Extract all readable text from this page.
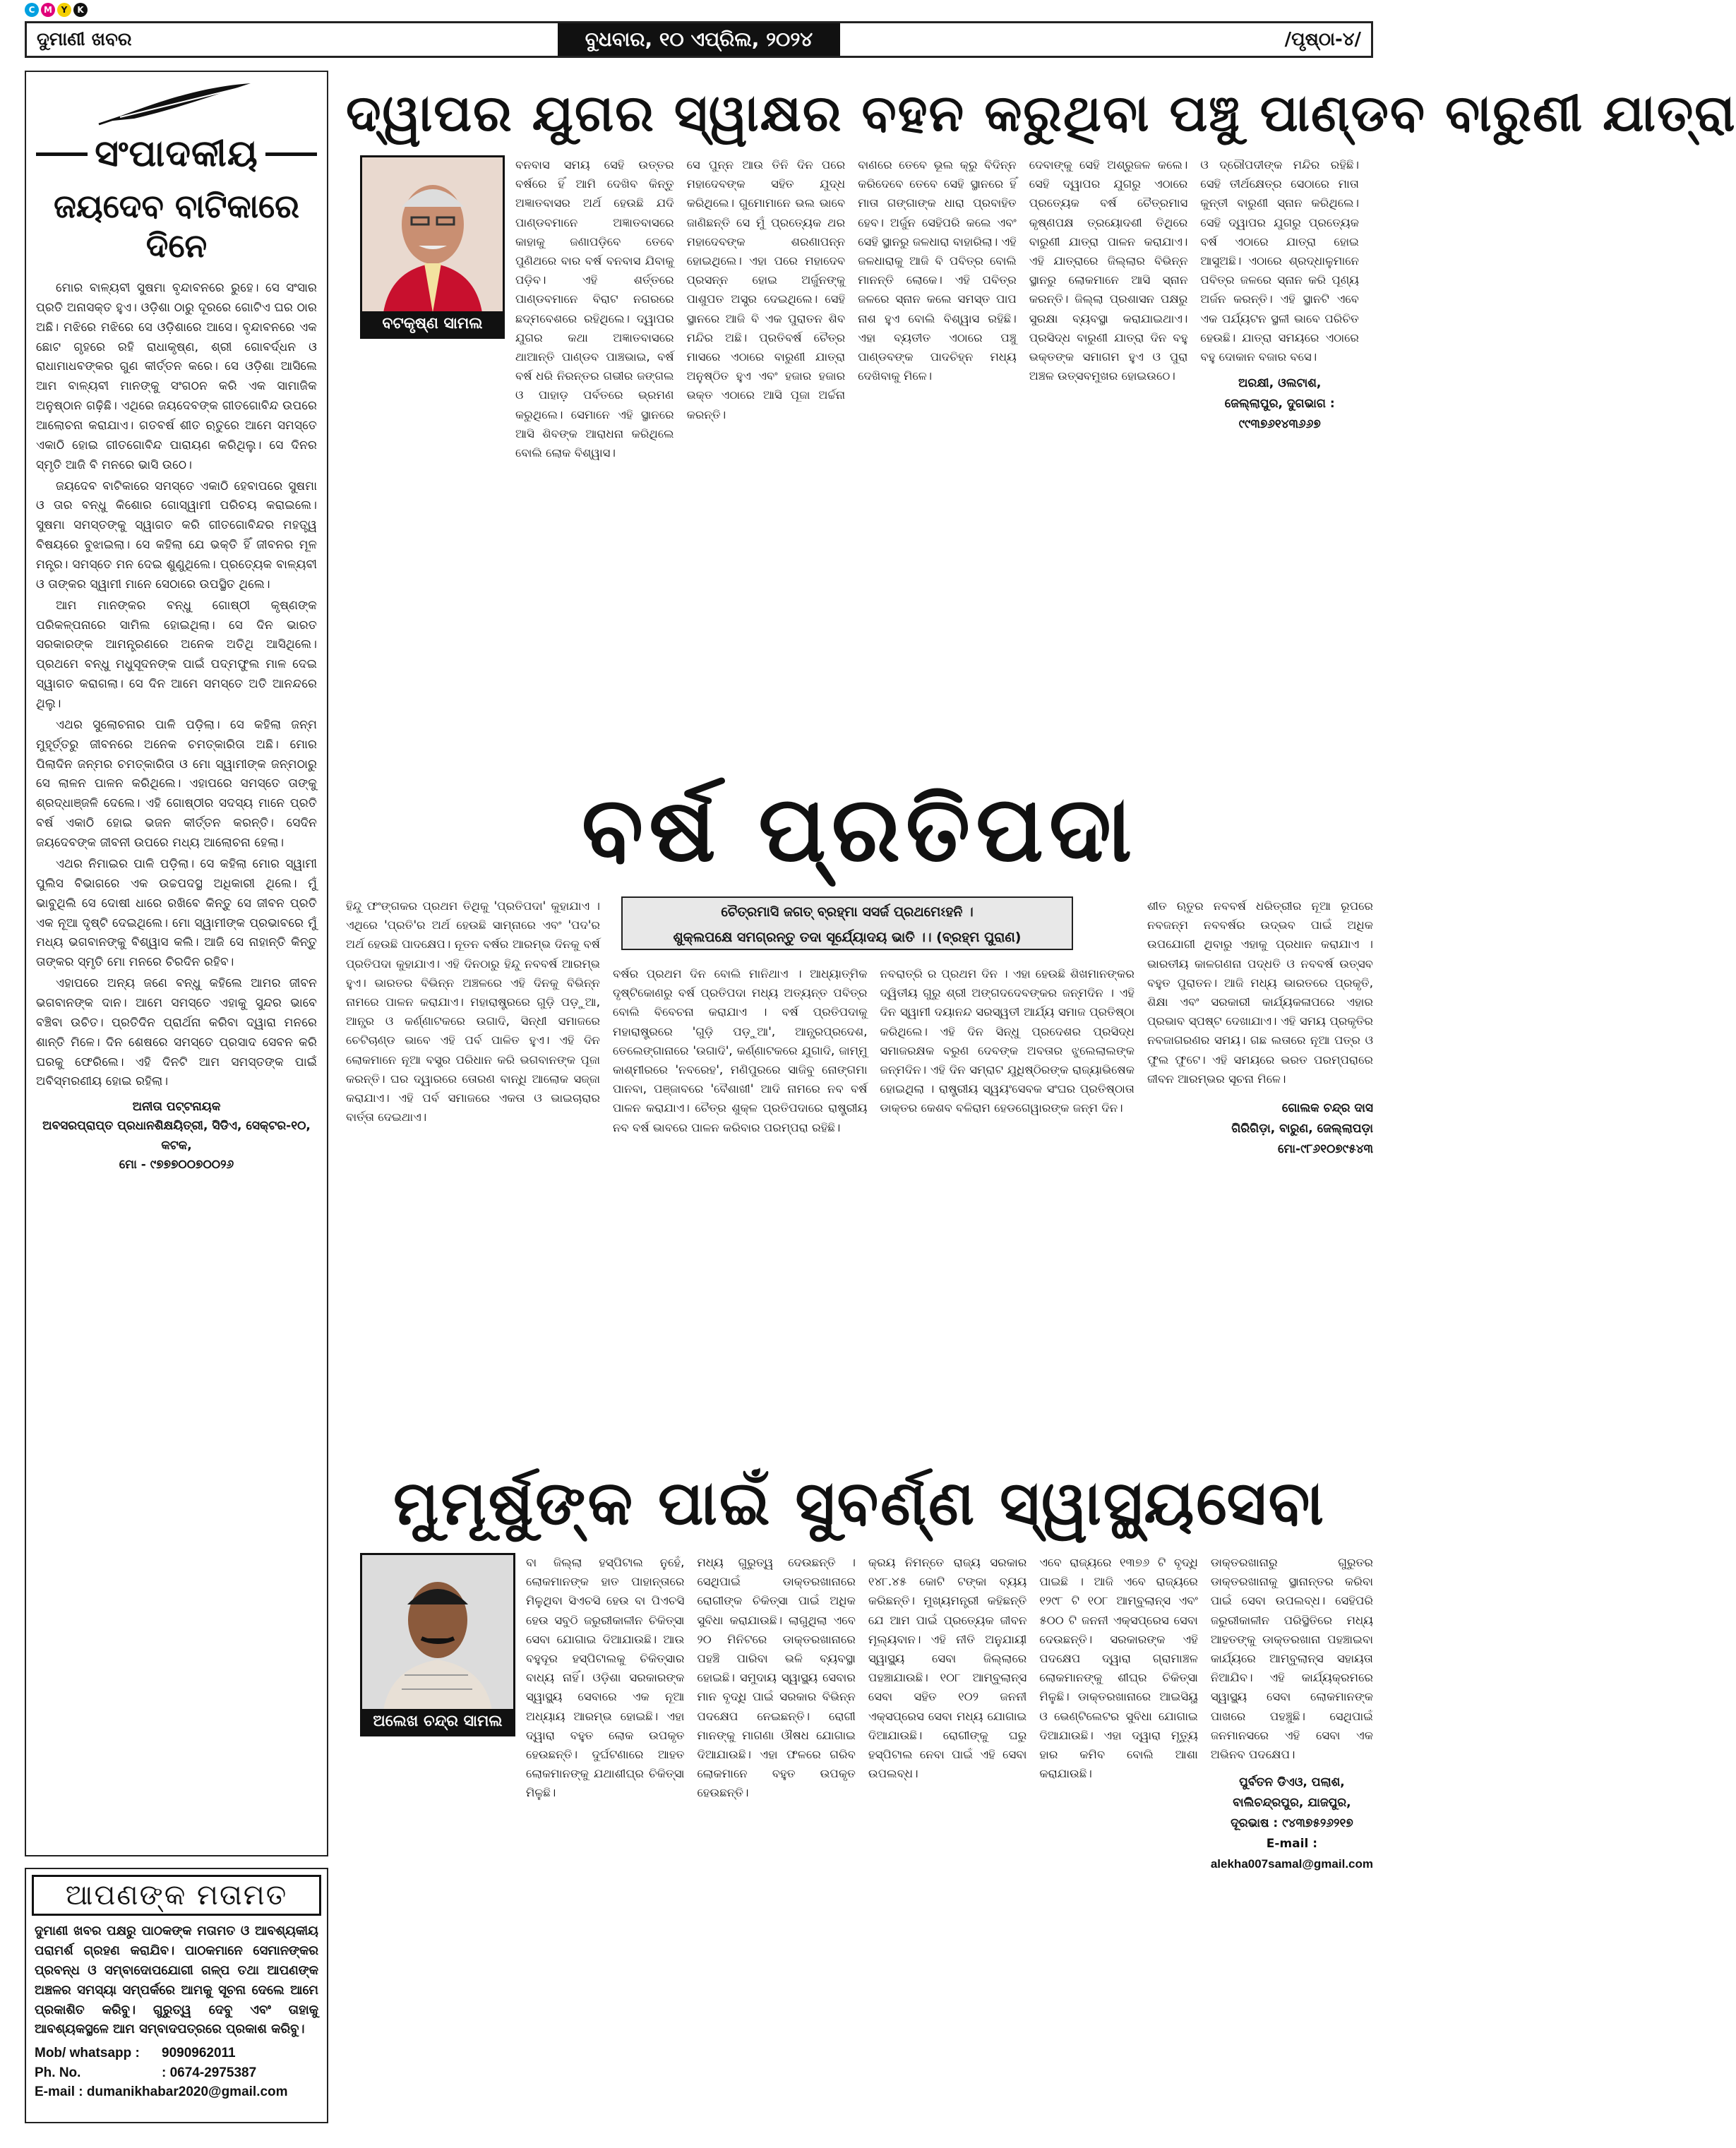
C	M	Y	K
ଦୁମାଣୀ ଖବର	ବୁଧବାର, ୧୦ ଏପ୍ରିଲ, ୨୦୨୪	/ପୃଷ୍ଠା-୪/
ସଂପାଦକୀୟ
ଜୟଦେବ ବାଟିକାରେ ଦିନେ

ମୋର ବାଳ୍ୟବୀ ସୁଷମା ବୃନ୍ଦାବନରେ ରୁହେ। ସେ ସଂସାର ପ୍ରତି ଅନାସକ୍ତ ହୁଏ। ଓଡ଼ିଶା ଠାରୁ ଦୂରରେ ଗୋଟିଏ ଘର ଠାର ଅଛି। ମଝିରେ ମଝିରେ ସେ ଓଡ଼ିଶାରେ ଆସେ। ବୃନ୍ଦାବନରେ ଏକ ଛୋଟ ଗୃହରେ ରହି ରାଧାକୃଷ୍ଣ, ଶ୍ରୀ ଗୋବର୍ଦ୍ଧନ ଓ ରାଧାମାଧବଙ୍କର ଗୁଣ କୀର୍ତ୍ତନ କରେ। ସେ ଓଡ଼ିଶା ଆସିଲେ ଆମ ବାଳ୍ୟବୀ ମାନଙ୍କୁ ସଂଗଠନ କରି ଏକ ସାମାଜିକ ଅନୁଷ୍ଠାନ ଗଢ଼ିଛି। ଏଥିରେ ଜୟଦେବଙ୍କ ଗୀତଗୋବିନ୍ଦ ଉପରେ ଆଲୋଚନା କରାଯାଏ। ଗତବର୍ଷ ଶୀତ ଋତୁରେ ଆମେ ସମସ୍ତେ ଏକାଠି ହୋଇ ଗୀତଗୋବିନ୍ଦ ପାରାୟଣ କରିଥିଲୁ। ସେ ଦିନର ସ୍ମୃତି ଆଜି ବି ମନରେ ଭାସି ଉଠେ।

ଜୟଦେବ ବାଟିକାରେ ସମସ୍ତେ ଏକାଠି ହେବାପରେ ସୁଷମା ଓ ତାର ବନ୍ଧୁ କିଶୋର ଗୋସ୍ୱାମୀ ପରିଚୟ କରାଇଲେ। ସୁଷମା ସମସ୍ତଙ୍କୁ ସ୍ୱାଗତ କରି ଗୀତଗୋବିନ୍ଦର ମହତ୍ତ୍ୱ ବିଷୟରେ ବୁଝାଇଲା। ସେ କହିଲା ଯେ ଭକ୍ତି ହିଁ ଜୀବନର ମୂଳ ମନ୍ତ୍ର। ସମସ୍ତେ ମନ ଦେଇ ଶୁଣୁଥିଲେ। ପ୍ରତ୍ୟେକ ବାଳ୍ୟବୀ ଓ ତାଙ୍କର ସ୍ୱାମୀ ମାନେ ସେଠାରେ ଉପସ୍ଥିତ ଥିଲେ।

ଆମ ମାନଙ୍କର ବନ୍ଧୁ ଗୋଷ୍ଠୀ କୃଷ୍ଣଙ୍କ ପରିକଳ୍ପନାରେ ସାମିଲ ହୋଇଥିଲା। ସେ ଦିନ ଭାରତ ସରକାରଙ୍କ ଆମନ୍ତ୍ରଣରେ ଅନେକ ଅତିଥି ଆସିଥିଲେ। ପ୍ରଥମେ ବନ୍ଧୁ ମଧୁସୂଦନଙ୍କ ପାଇଁ ପଦ୍ମଫୁଲ ମାଳ ଦେଇ ସ୍ୱାଗତ କରାଗଲା। ସେ ଦିନ ଆମେ ସମସ୍ତେ ଅତି ଆନନ୍ଦରେ ଥିଲୁ।

ଏଥର ସୁଲୋଚନାର ପାଳି ପଡ଼ିଲା। ସେ କହିଲା ଜନ୍ମ ମୁହୂର୍ତ୍ତରୁ ଜୀବନରେ ଅନେକ ଚମତ୍କାରିତା ଅଛି। ମୋର ପିଲାଦିନ ଜନ୍ମର ଚମତ୍କାରିତା ଓ ମୋ ସ୍ୱାମୀଙ୍କ ଜନ୍ମଠାରୁ ସେ ଲାଳନ ପାଳନ କରିଥିଲେ। ଏହାପରେ ସମସ୍ତେ ତାଙ୍କୁ ଶ୍ରଦ୍ଧାଞ୍ଜଳି ଦେଲେ। ଏହି ଗୋଷ୍ଠୀର ସଦସ୍ୟ ମାନେ ପ୍ରତି ବର୍ଷ ଏକାଠି ହୋଇ ଭଜନ କୀର୍ତ୍ତନ କରନ୍ତି। ସେଦିନ ଜୟଦେବଙ୍କ ଜୀବନୀ ଉପରେ ମଧ୍ୟ ଆଲୋଚନା ହେଲା।

ଏଥର ନିମାଇର ପାଳି ପଡ଼ିଲା। ସେ କହିଲା ମୋର ସ୍ୱାମୀ ପୁଲିସ ବିଭାଗରେ ଏକ ଉଚ୍ଚପଦସ୍ଥ ଅଧିକାରୀ ଥିଲେ। ମୁଁ ଭାବୁଥିଲି ସେ ଦୋଷୀ ଧାରେ ରଖିବେ କିନ୍ତୁ ସେ ଜୀବନ ପ୍ରତି ଏକ ନୂଆ ଦୃଷ୍ଟି ଦେଇଥିଲେ। ମୋ ସ୍ୱାମୀଙ୍କ ପ୍ରଭାବରେ ମୁଁ ମଧ୍ୟ ଭଗବାନଙ୍କୁ ବିଶ୍ୱାସ କଲି। ଆଜି ସେ ନାହାନ୍ତି କିନ୍ତୁ ତାଙ୍କର ସ୍ମୃତି ମୋ ମନରେ ଚିରଦିନ ରହିବ।

ଏହାପରେ ଅନ୍ୟ ଜଣେ ବନ୍ଧୁ କହିଲେ ଆମର ଜୀବନ ଭଗବାନଙ୍କ ଦାନ। ଆମେ ସମସ୍ତେ ଏହାକୁ ସୁନ୍ଦର ଭାବେ ବଞ୍ଚିବା ଉଚିତ। ପ୍ରତିଦିନ ପ୍ରାର୍ଥନା କରିବା ଦ୍ୱାରା ମନରେ ଶାନ୍ତି ମିଳେ। ଦିନ ଶେଷରେ ସମସ୍ତେ ପ୍ରସାଦ ସେବନ କରି ଘରକୁ ଫେରିଲେ। ଏହି ଦିନଟି ଆମ ସମସ୍ତଙ୍କ ପାଇଁ ଅବିସ୍ମରଣୀୟ ହୋଇ ରହିଲା।

ଅନୀତା ପଟ୍ଟନାୟକ
ଅବସରପ୍ରାପ୍ତ ପ୍ରଧାନଶିକ୍ଷୟିତ୍ରୀ, ସିଡିଏ, ସେକ୍ଟର-୧୦, କଟକ,
ମୋ - ୯୭୭୭୦୦୭୦୦୨୬
ଆପଣଙ୍କ ମତାମତ
ଦୁମାଣୀ ଖବର ପକ୍ଷରୁ ପାଠକଙ୍କ ମତାମତ ଓ ଆବଶ୍ୟକୀୟ ପରାମର୍ଶ ଗ୍ରହଣ କରାଯିବ। ପାଠକମାନେ ସେମାନଙ୍କର ପ୍ରବନ୍ଧ ଓ ସମ୍ବାଦୋପଯୋଗୀ ଗଳ୍ପ ତଥା ଆପଣଙ୍କ ଅଞ୍ଚଳର ସମସ୍ୟା ସମ୍ପର୍କରେ ଆମକୁ ସୂଚନା ଦେଲେ ଆମେ ପ୍ରକାଶିତ କରିବୁ। ଗୁରୁତ୍ୱ ଦେବୁ ଏବଂ ତାହାକୁ ଆବଶ୍ୟକସ୍ଥଳେ ଆମ ସମ୍ବାଦପତ୍ରରେ ପ୍ରକାଶ କରିବୁ।
Mob/ whatsapp :	9090962011
Ph. No.	: 0674-2975387
E-mail :
dumanikhabar2020@gmail.com
ଦ୍ୱାପର ଯୁଗର ସ୍ୱାକ୍ଷର ବହନ କରୁଥିବା ପଞ୍ଚୁ ପାଣ୍ଡବ ବାରୁଣୀ ଯାତ୍ରା
ବଟକୃଷ୍ଣ ସାମଲ

ବନବାସ ସମୟ ସେହି ଉତ୍ତର ବର୍ଷରେ ହିଁ ଆମି ଦେଖିବ କିନ୍ତୁ ଅଜ୍ଞାତବାସର ଅର୍ଥ ହେଉଛି ଯଦି ପାଣ୍ଡବମାନେ ଅଜ୍ଞାତବାସରେ କାହାକୁ ଜଣାପଡ଼ିବେ ତେବେ ପୁଣିଥରେ ବାର ବର୍ଷ ବନବାସ ଯିବାକୁ ପଡ଼ିବ। ଏହି ଶର୍ତ୍ତରେ ପାଣ୍ଡବମାନେ ବିରାଟ ନଗରରେ ଛଦ୍ମବେଶରେ ରହିଥିଲେ। ଦ୍ୱାପର ଯୁଗର କଥା ଅଜ୍ଞାତବାସରେ ଥାଆନ୍ତି ପାଣ୍ଡବ ପାଞ୍ଚଭାଇ, ବର୍ଷ ବର୍ଷ ଧରି ନିରନ୍ତର ଗଭୀର ଜଙ୍ଗଲ ଓ ପାହାଡ଼ ପର୍ବତରେ ଭ୍ରମଣ କରୁଥିଲେ। ସେମାନେ ଏହି ସ୍ଥାନରେ ଆସି ଶିବଙ୍କ ଆରାଧନା କରିଥିଲେ ବୋଲି ଲୋକ ବିଶ୍ୱାସ।

ସେ ପୁନ୍ନ ଆଉ ତିନି ଦିନ ପରେ ମହାଦେବଙ୍କ ସହିତ ଯୁଦ୍ଧ କରିଥିଲେ। ଗୁମୋମାନେ ଭଲ ଭାବେ ଜାଣିଛନ୍ତି ସେ ମୁଁ ପ୍ରତ୍ୟେକ ଥର ମହାଦେବଙ୍କ ଶରଣାପନ୍ନ ହୋଇଥିଲେ। ଏହା ପରେ ମହାଦେବ ପ୍ରସନ୍ନ ହୋଇ ଅର୍ଜୁନଙ୍କୁ ପାଶୁପତ ଅସ୍ତ୍ର ଦେଇଥିଲେ। ସେହି ସ୍ଥାନରେ ଆଜି ବି ଏକ ପୁରାତନ ଶିବ ମନ୍ଦିର ଅଛି। ପ୍ରତିବର୍ଷ ଚୈତ୍ର ମାସରେ ଏଠାରେ ବାରୁଣୀ ଯାତ୍ରା ଅନୁଷ୍ଠିତ ହୁଏ ଏବଂ ହଜାର ହଜାର ଭକ୍ତ ଏଠାରେ ଆସି ପୂଜା ଅର୍ଚ୍ଚନା କରନ୍ତି।

ବାଣରେ ତେବେ ଭୂଲ କ୍ରୁ ବିଦିନ୍ନ କରିଦେବେ ତେବେ ସେହି ସ୍ଥାନରେ ହିଁ ମାତା ଗଙ୍ଗାଙ୍କ ଧାରା ପ୍ରବାହିତ ହେବ। ଅର୍ଜୁନ ସେହିପରି କଲେ ଏବଂ ସେହି ସ୍ଥାନରୁ ଜଳଧାରା ବାହାରିଲା। ଏହି ଜଳଧାରାକୁ ଆଜି ବି ପବିତ୍ର ବୋଲି ମାନନ୍ତି ଲୋକେ। ଏହି ପବିତ୍ର ଜଳରେ ସ୍ନାନ କଲେ ସମସ୍ତ ପାପ ନାଶ ହୁଏ ବୋଲି ବିଶ୍ୱାସ ରହିଛି। ଏହା ବ୍ୟତୀତ ଏଠାରେ ପଞ୍ଚୁ ପାଣ୍ଡବଙ୍କ ପାଦଚିହ୍ନ ମଧ୍ୟ ଦେଖିବାକୁ ମିଳେ।

ଦେବାଙ୍କୁ ସେହି ଅଶ୍ରୁଜଳ କଲେ। ସେହି ଦ୍ୱାପର ଯୁଗରୁ ଏଠାରେ ପ୍ରତ୍ୟେକ ବର୍ଷ ଚୈତ୍ରମାସ କୃଷ୍ଣପକ୍ଷ ତ୍ରୟୋଦଶୀ ତିଥିରେ ବାରୁଣୀ ଯାତ୍ରା ପାଳନ କରାଯାଏ। ଏହି ଯାତ୍ରାରେ ଜିଲ୍ଲାର ବିଭିନ୍ନ ସ୍ଥାନରୁ ଲୋକମାନେ ଆସି ସ୍ନାନ କରନ୍ତି। ଜିଲ୍ଲା ପ୍ରଶାସନ ପକ୍ଷରୁ ସୁରକ୍ଷା ବ୍ୟବସ୍ଥା କରାଯାଇଥାଏ। ପ୍ରସିଦ୍ଧ ବାରୁଣୀ ଯାତ୍ରା ଦିନ ବହୁ ଭକ୍ତଙ୍କ ସମାଗମ ହୁଏ ଓ ପୁରା ଅଞ୍ଚଳ ଉତ୍ସବମୁଖର ହୋଇଉଠେ।

ଓ ଦ୍ରୌପଦୀଙ୍କ ମନ୍ଦିର ରହିଛି। ସେହି ତୀର୍ଥକ୍ଷେତ୍ର ସେଠାରେ ମାତା କୁନ୍ତୀ ବାରୁଣୀ ସ୍ନାନ କରିଥିଲେ। ସେହି ଦ୍ୱାପର ଯୁଗରୁ ପ୍ରତ୍ୟେକ ବର୍ଷ ଏଠାରେ ଯାତ୍ରା ହୋଇ ଆସୁଅଛି। ଏଠାରେ ଶ୍ରଦ୍ଧାଳୁମାନେ ପବିତ୍ର ଜଳରେ ସ୍ନାନ କରି ପୂଣ୍ୟ ଅର୍ଜନ କରନ୍ତି। ଏହି ସ୍ଥାନଟି ଏବେ ଏକ ପର୍ଯ୍ୟଟନ ସ୍ଥଳୀ ଭାବେ ପରିଚିତ ହେଉଛି। ଯାତ୍ରା ସମୟରେ ଏଠାରେ ବହୁ ଦୋକାନ ବଜାର ବସେ।

ଅରକ୍ଷୀ, ଓଲଟାଶ,
ଜେଲ୍ଲାପୁର, ଦୁଗଭାଗ :
୯୯୩୭୬୧୪୩୬୬୭
ବର୍ଷ ପ୍ରତିପଦା
ଚୈତ୍ରମାସି ଜଗତ୍ ବ୍ରହ୍ମା ସସର୍ଜ ପ୍ରଥମେଽହନି ।
ଶୁକ୍ଲପକ୍ଷେ ସମଗ୍ରନ୍ତୁ ତଦା ସୂର୍ଯ୍ୟୋଦୟ ଭାତି ।। (ବ୍ରହ୍ମ ପୁରାଣ)

ହିନ୍ଦୁ ଫଂଙ୍ଗକର ପ୍ରଥମ ତିଥିକୁ 'ପ୍ରତିପଦା' କୁହାଯାଏ । ଏଥିରେ 'ପ୍ରତି'ର ଅର୍ଥ ହେଉଛି ସାମ୍ନାରେ ଏବଂ 'ପଦ'ର ଅର୍ଥ ହେଉଛି ପାଦକ୍ଷେପ। ନୂତନ ବର୍ଷର ଆରମ୍ଭ ଦିନକୁ ବର୍ଷ ପ୍ରତିପଦା କୁହାଯାଏ। ଏହି ଦିନଠାରୁ ହିନ୍ଦୁ ନବବର୍ଷ ଆରମ୍ଭ ହୁଏ। ଭାରତର ବିଭିନ୍ନ ଅଞ୍ଚଳରେ ଏହି ଦିନକୁ ବିଭିନ୍ନ ନାମରେ ପାଳନ କରାଯାଏ। ମହାରାଷ୍ଟ୍ରରେ ଗୁଡ଼ି ପଡ଼ୁଆ, ଆନ୍ଧ୍ର ଓ କର୍ଣ୍ଣାଟକରେ ଉଗାଦି, ସିନ୍ଧୀ ସମାଜରେ ଚେଟିଚାଣ୍ଡ ଭାବେ ଏହି ପର୍ବ ପାଳିତ ହୁଏ। ଏହି ଦିନ ଲୋକମାନେ ନୂଆ ବସ୍ତ୍ର ପରିଧାନ କରି ଭଗବାନଙ୍କ ପୂଜା କରନ୍ତି। ଘର ଦ୍ୱାରରେ ତୋରଣ ବାନ୍ଧି ଆଲୋକ ସଜ୍ଜା କରାଯାଏ। ଏହି ପର୍ବ ସମାଜରେ ଏକତା ଓ ଭାଇଚାରାର ବାର୍ତ୍ତା ଦେଇଥାଏ।

ବର୍ଷର ପ୍ରଥମ ଦିନ ବୋଲି ମାନିଥାଏ । ଆଧ୍ୟାତ୍ମିକ ଦୃଷ୍ଟିକୋଣରୁ ବର୍ଷ ପ୍ରତିପଦା ମଧ୍ୟ ଅତ୍ୟନ୍ତ ପବିତ୍ର ବୋଲି ବିବେଚନା କରାଯାଏ । ବର୍ଷ ପ୍ରତିପଦାକୁ ମହାରାଷ୍ଟ୍ରରେ 'ଗୁଡ଼ି ପଡ଼ୁଆ', ଆନ୍ଧ୍ରପ୍ରଦେଶ, ତେଲେଙ୍ଗାନାରେ 'ଉଗାଦି', କର୍ଣ୍ଣାଟକରେ ଯୁଗାଦି, ଜାମ୍ମୁ କାଶ୍ମୀରରେ 'ନବରେହ', ମଣିପୁରରେ ସାଜିବୁ ନୋଙ୍ଗମା ପାନବା, ପଞ୍ଜାବରେ 'ବୈଶାଖୀ' ଆଦି ନାମରେ ନବ ବର୍ଷ ପାଳନ କରାଯାଏ। ଚୈତ୍ର ଶୁକ୍ଳ ପ୍ରତିପଦାରେ ରାଷ୍ଟ୍ରୀୟ ନବ ବର୍ଷ ଭାବରେ ପାଳନ କରିବାର ପରମ୍ପରା ରହିଛି।

ନବରାତ୍ରି ର ପ୍ରଥମ ଦିନ । ଏହା ହେଉଛି ଶିଖମାନଙ୍କର ଦ୍ୱିତୀୟ ଗୁରୁ ଶ୍ରୀ ଅଙ୍ଗଦଦେବଙ୍କର ଜନ୍ମଦିନ । ଏହି ଦିନ ସ୍ୱାମୀ ଦୟାନନ୍ଦ ସରସ୍ୱତୀ ଆର୍ଯ୍ୟ ସମାଜ ପ୍ରତିଷ୍ଠା କରିଥିଲେ। ଏହି ଦିନ ସିନ୍ଧୁ ପ୍ରଦେଶର ପ୍ରସିଦ୍ଧ ସମାଜରକ୍ଷକ ବରୁଣ ଦେବଙ୍କ ଅବତାର ଝୁଲେଲାଲଙ୍କ ଜନ୍ମଦିନ। ଏହି ଦିନ ସମ୍ରାଟ ଯୁଧିଷ୍ଠିରଙ୍କ ରାଜ୍ୟାଭିଷେକ ହୋଇଥିଲା । ରାଷ୍ଟ୍ରୀୟ ସ୍ୱୟଂସେବକ ସଂଘର ପ୍ରତିଷ୍ଠାତା ଡାକ୍ତର କେଶବ ବଳିରାମ ହେଡଗେୱାରଙ୍କ ଜନ୍ମ ଦିନ।

ଶୀତ ଋତୁର ନବବର୍ଷ ଧରିତ୍ରୀର ନୂଆ ରୂପରେ ନବଜନ୍ମ ନବବର୍ଷର ଉଦ୍‌ଭବ ପାଇଁ ଅଧିକ ଉପଯୋଗୀ ଥିବାରୁ ଏହାକୁ ପ୍ରଧାନ କରାଯାଏ । ଭାରତୀୟ କାଳଗଣନା ପଦ୍ଧତି ଓ ନବବର୍ଷ ଉତ୍ସବ ବହୁତ ପୁରାତନ। ଆଜି ମଧ୍ୟ ଭାରତରେ ପ୍ରକୃତି, ଶିକ୍ଷା ଏବଂ ସରକାରୀ କାର୍ଯ୍ୟକଳାପରେ ଏହାର ପ୍ରଭାବ ସ୍ପଷ୍ଟ ଦେଖାଯାଏ। ଏହି ସମୟ ପ୍ରକୃତିର ନବଜାଗରଣର ସମୟ। ଗଛ ଲତାରେ ନୂଆ ପତ୍ର ଓ ଫୁଲ ଫୁଟେ। ଏହି ସମୟରେ ଭରତ ପରମ୍ପରାରେ ଜୀବନ ଆରମ୍ଭର ସୂଚନା ମିଳେ।

ଗୋଲକ ଚନ୍ଦ୍ର ଦାସ
ଗିରିଗିଡ଼ା, ବାରୁଣ, ଜେଲ୍ଲାପଡ଼ା
ମୋ-୯୮୬୧୦୭୯୫୪୩
ମୁମୂର୍ଷୁଙ୍କ ପାଇଁ ସୁବର୍ଣ୍ଣ ସ୍ୱାସ୍ଥ୍ୟସେବା
ଅଲେଖ ଚନ୍ଦ୍ର ସାମଲ

ବା ଜିଲ୍ଲା ହସ୍ପିଟାଲ ନୁହେଁ, ଲୋକମାନଙ୍କ ହାତ ପାହାନ୍ତାରେ ମିଳୁଥିବା ସିଏଚସି ହେଉ ବା ପିଏଚସି ହେଉ ସବୁଠି ଜରୁରୀକାଳୀନ ଚିକିତ୍ସା ସେବା ଯୋଗାଇ ଦିଆଯାଉଛି। ଆଉ ବହୁଦୂର ହସ୍ପିଟାଲକୁ ଚିକିତ୍ସାର ବାଧ୍ୟ ନାହିଁ। ଓଡ଼ିଶା ସରକାରଙ୍କ ସ୍ୱାସ୍ଥ୍ୟ ସେବାରେ ଏକ ନୂଆ ଅଧ୍ୟାୟ ଆରମ୍ଭ ହୋଇଛି। ଏହା ଦ୍ୱାରା ବହୁତ ଲୋକ ଉପକୃତ ହେଉଛନ୍ତି। ଦୁର୍ଘଟଣାରେ ଆହତ ଲୋକମାନଙ୍କୁ ଯଥାଶୀଘ୍ର ଚିକିତ୍ସା ମିଳୁଛି।

ମଧ୍ୟ ଗୁରୁତ୍ୱ ଦେଉଛନ୍ତି । ସେଥିପାଇଁ ଡାକ୍ତରଖାନାରେ ରୋଗୀଙ୍କ ଚିକିତ୍ସା ପାଇଁ ଅଧିକ ସୁବିଧା କରାଯାଉଛି। ଲାଗୁଥିଲା ଏବେ ୨୦ ମିନିଟରେ ଡାକ୍ତରଖାନାରେ ପହଞ୍ଚି ପାରିବା ଭଳି ବ୍ୟବସ୍ଥା ହୋଇଛି। ସମୁଦାୟ ସ୍ୱାସ୍ଥ୍ୟ ସେବାର ମାନ ବୃଦ୍ଧି ପାଇଁ ସରକାର ବିଭିନ୍ନ ପଦକ୍ଷେପ ନେଇଛନ୍ତି। ରୋଗୀ ମାନଙ୍କୁ ମାଗଣା ଔଷଧ ଯୋଗାଇ ଦିଆଯାଉଛି। ଏହା ଫଳରେ ଗରିବ ଲୋକମାନେ ବହୁତ ଉପକୃତ ହେଉଛନ୍ତି।

କ୍ରୟ ନିମନ୍ତେ ରାଜ୍ୟ ସରକାର ୧୪୮.୪୫ କୋଟି ଟଙ୍କା ବ୍ୟୟ କରିଛନ୍ତି। ମୁଖ୍ୟମନ୍ତ୍ରୀ କହିଛନ୍ତି ଯେ ଆମ ପାଇଁ ପ୍ରତ୍ୟେକ ଜୀବନ ମୂଲ୍ୟବାନ। ଏହି ନୀତି ଅନୁଯାୟୀ ସ୍ୱାସ୍ଥ୍ୟ ସେବା ଜିଲ୍ଲାରେ ପହଞ୍ଚାଯାଉଛି। ୧୦୮ ଆମ୍ବୁଲାନ୍ସ ସେବା ସହିତ ୧୦୨ ଜନନୀ ଏକ୍ସପ୍ରେସ ସେବା ମଧ୍ୟ ଯୋଗାଇ ଦିଆଯାଉଛି। ରୋଗୀଙ୍କୁ ଘରୁ ହସ୍ପିଟାଲ ନେବା ପାଇଁ ଏହି ସେବା ଉପଲବ୍ଧ।

ଏବେ ରାଜ୍ୟରେ ୧୩୭୬ ଟି ବୃଦ୍ଧି ପାଇଛି । ଆଜି ଏବେ ରାଜ୍ୟରେ ୧୨୯୮ ଟି ୧୦୮ ଆମ୍ବୁଲାନ୍ସ ଏବଂ ୫୦୦ ଟି ଜନନୀ ଏକ୍ସପ୍ରେସ ସେବା ଦେଉଛନ୍ତି। ସରକାରଙ୍କ ଏହି ପଦକ୍ଷେପ ଦ୍ୱାରା ଗ୍ରାମାଞ୍ଚଳ ଲୋକମାନଙ୍କୁ ଶୀଘ୍ର ଚିକିତ୍ସା ମିଳୁଛି। ଡାକ୍ତରଖାନାରେ ଆଇସିୟୁ ଓ ଭେଣ୍ଟିଲେଟର ସୁବିଧା ଯୋଗାଇ ଦିଆଯାଉଛି। ଏହା ଦ୍ୱାରା ମୃତ୍ୟୁ ହାର କମିବ ବୋଲି ଆଶା କରାଯାଉଛି।

ଡାକ୍ତରଖାନାରୁ ଗୁରୁତର ଡାକ୍ତରଖାନାକୁ ସ୍ଥାନାନ୍ତର କରିବା ପାଇଁ ସେବା ଉପଲବ୍ଧ। ସେହିପରି ଜରୁରୀକାଳୀନ ପରିସ୍ଥିତିରେ ମଧ୍ୟ ଆହତଙ୍କୁ ଡାକ୍ତରଖାନା ପହଞ୍ଚାଇବା କାର୍ଯ୍ୟରେ ଆମ୍ବୁଲାନ୍ସ ସହାୟତା ନିଆଯିବ। ଏହି କାର୍ଯ୍ୟକ୍ରମରେ ସ୍ୱାସ୍ଥ୍ୟ ସେବା ଲୋକମାନଙ୍କ ପାଖରେ ପହଞ୍ଚୁଛି। ସେଥିପାଇଁ ଜନମାନସରେ ଏହି ସେବା ଏକ ଅଭିନବ ପଦକ୍ଷେପ।

ପୁର୍ବତନ ଡିଏଓ, ପଲାଶ,
ବାଲିଚନ୍ଦ୍ରପୁର, ଯାଜପୁର,
ଦୂରଭାଷ : ୯୪୩୭୫୨୬୨୧୭
E-mail :
alekha007samal@gmail.com
